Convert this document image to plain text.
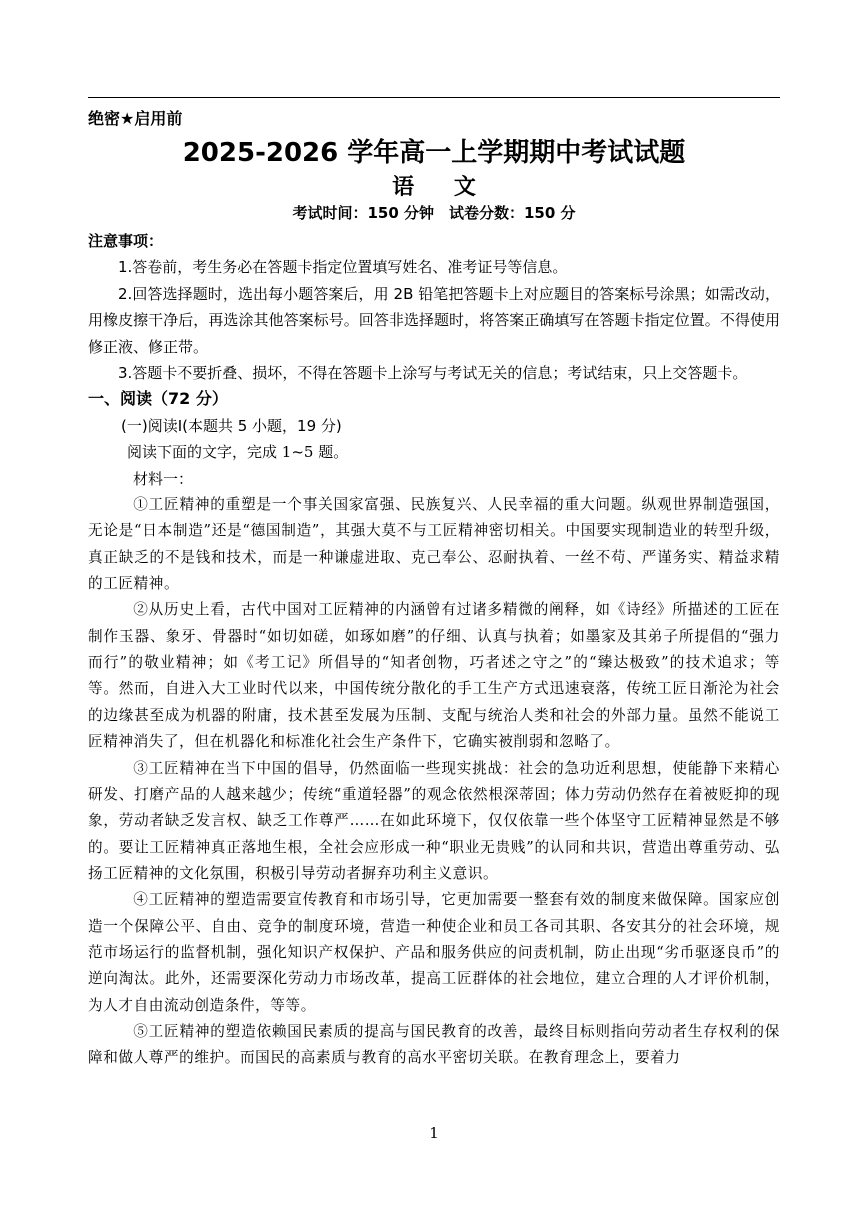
绝密★启用前
2025-2026 学年高一上学期期中考试试题
语 文
考试时间：150 分钟　试卷分数：150 分

注意事项：

1.答卷前，考生务必在答题卡指定位置填写姓名、准考证号等信息。

2.回答选择题时，选出每小题答案后，用 2B 铅笔把答题卡上对应题目的答案标号涂黑；如需改动，用橡皮擦干净后，再选涂其他答案标号。回答非选择题时，将答案正确填写在答题卡指定位置。不得使用修正液、修正带。

3.答题卡不要折叠、损坏，不得在答题卡上涂写与考试无关的信息；考试结束，只上交答题卡。

一、阅读（72 分）

(一)阅读Ⅰ(本题共 5 小题，19 分)

阅读下面的文字，完成 1~5 题。

材料一：

①工匠精神的重塑是一个事关国家富强、民族复兴、人民幸福的重大问题。纵观世界制造强国，无论是“日本制造”还是“德国制造”，其强大莫不与工匠精神密切相关。中国要实现制造业的转型升级，真正缺乏的不是钱和技术，而是一种谦虚进取、克己奉公、忍耐执着、一丝不苟、严谨务实、精益求精的工匠精神。

②从历史上看，古代中国对工匠精神的内涵曾有过诸多精微的阐释，如《诗经》所描述的工匠在制作玉器、象牙、骨器时“如切如磋，如琢如磨”的仔细、认真与执着；如墨家及其弟子所提倡的“强力而行”的敬业精神；如《考工记》所倡导的“知者创物，巧者述之守之”的“臻达极致”的技术追求；等等。然而，自进入大工业时代以来，中国传统分散化的手工生产方式迅速衰落，传统工匠日渐沦为社会的边缘甚至成为机器的附庸，技术甚至发展为压制、支配与统治人类和社会的外部力量。虽然不能说工匠精神消失了，但在机器化和标准化社会生产条件下，它确实被削弱和忽略了。

③工匠精神在当下中国的倡导，仍然面临一些现实挑战：社会的急功近利思想，使能静下来精心研发、打磨产品的人越来越少；传统“重道轻器”的观念依然根深蒂固；体力劳动仍然存在着被贬抑的现象，劳动者缺乏发言权、缺乏工作尊严……在如此环境下，仅仅依靠一些个体坚守工匠精神显然是不够的。要让工匠精神真正落地生根，全社会应形成一种“职业无贵贱”的认同和共识，营造出尊重劳动、弘扬工匠精神的文化氛围，积极引导劳动者摒弃功利主义意识。

④工匠精神的塑造需要宣传教育和市场引导，它更加需要一整套有效的制度来做保障。国家应创造一个保障公平、自由、竞争的制度环境，营造一种使企业和员工各司其职、各安其分的社会环境，规范市场运行的监督机制，强化知识产权保护、产品和服务供应的问责机制，防止出现“劣币驱逐良币”的逆向淘汰。此外，还需要深化劳动力市场改革，提高工匠群体的社会地位，建立合理的人才评价机制，为人才自由流动创造条件，等等。

⑤工匠精神的塑造依赖国民素质的提高与国民教育的改善，最终目标则指向劳动者生存权利的保障和做人尊严的维护。而国民的高素质与教育的高水平密切关联。在教育理念上，要着力

1
